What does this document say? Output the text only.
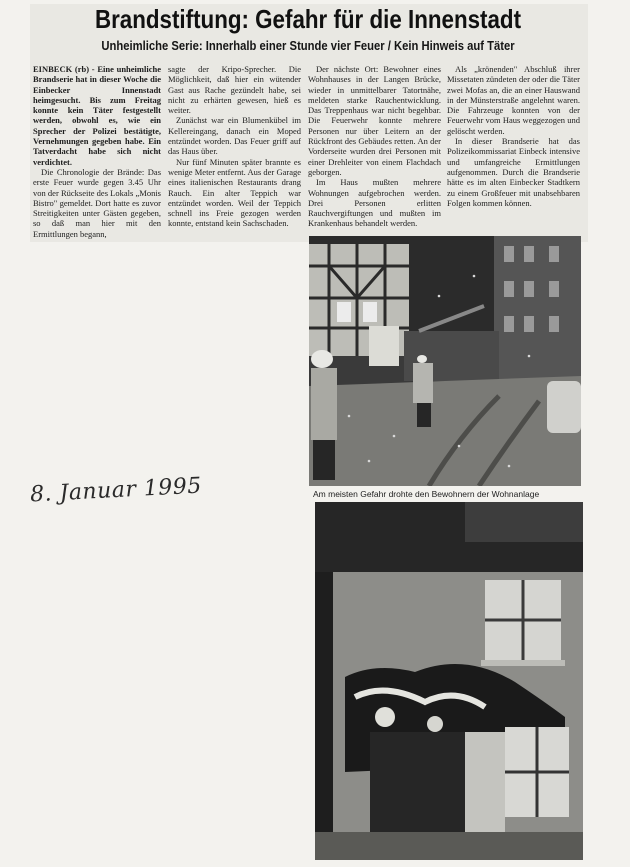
Brandstiftung: Gefahr für die Innenstadt
Unheimliche Serie: Innerhalb einer Stunde vier Feuer / Kein Hinweis auf Täter

EINBECK (rb) - Eine unheimliche Brandserie hat in dieser Woche die Einbecker Innenstadt heimgesucht. Bis zum Freitag konnte kein Täter festgestellt werden, obwohl es, wie ein Sprecher der Polizei bestätigte, Vernehmungen gegeben habe. Ein Tatverdacht habe sich nicht verdichtet.

Die Chronologie der Brände: Das erste Feuer wurde gegen 3.45 Uhr von der Rückseite des Lokals „Monis Bistro" gemeldet. Dort hatte es zuvor Streitigkeiten unter Gästen gegeben, so daß man hier mit den Ermittlungen begann,

sagte der Kripo-Sprecher. Die Möglichkeit, daß hier ein wütender Gast aus Rache gezündelt habe, sei nicht zu erhärten gewesen, hieß es weiter.

Zunächst war ein Blumenkübel im Kellereingang, danach ein Moped entzündet worden. Das Feuer griff auf das Haus über.

Nur fünf Minuten später brannte es wenige Meter entfernt. Aus der Garage eines italienischen Restaurants drang Rauch. Ein alter Teppich war entzündet worden. Weil der Teppich schnell ins Freie gezogen werden konnte, entstand kein Sachschaden.

Der nächste Ort: Bewohner eines Wohnhauses in der Langen Brücke, wieder in unmittelbarer Tatortnähe, meldeten starke Rauchentwicklung. Das Treppenhaus war nicht begehbar. Die Feuerwehr konnte mehrere Personen nur über Leitern an der Rückfront des Gebäudes retten. An der Vorderseite wurden drei Personen mit einer Drehleiter von einem Flachdach geborgen.

Im Haus mußten mehrere Wohnungen aufgebrochen werden. Drei Personen erlitten Rauchvergiftungen und mußten im Krankenhaus behandelt werden.

Als „krönenden" Abschluß ihrer Missetaten zündeten der oder die Täter zwei Mofas an, die an einer Hauswand in der Münsterstraße angelehnt waren. Die Fahrzeuge konnten von der Feuerwehr vom Haus weggezogen und gelöscht werden.

In dieser Brandserie hat das Polizeikommissariat Einbeck intensive und umfangreiche Ermittlungen aufgenommen. Durch die Brandserie hätte es im alten Einbecker Stadtkern zu einem Großfeuer mit unabsehbaren Folgen kommen können.

Am meisten Gefahr drohte den Bewohnern der Wohnanlage
8. Januar 1995
